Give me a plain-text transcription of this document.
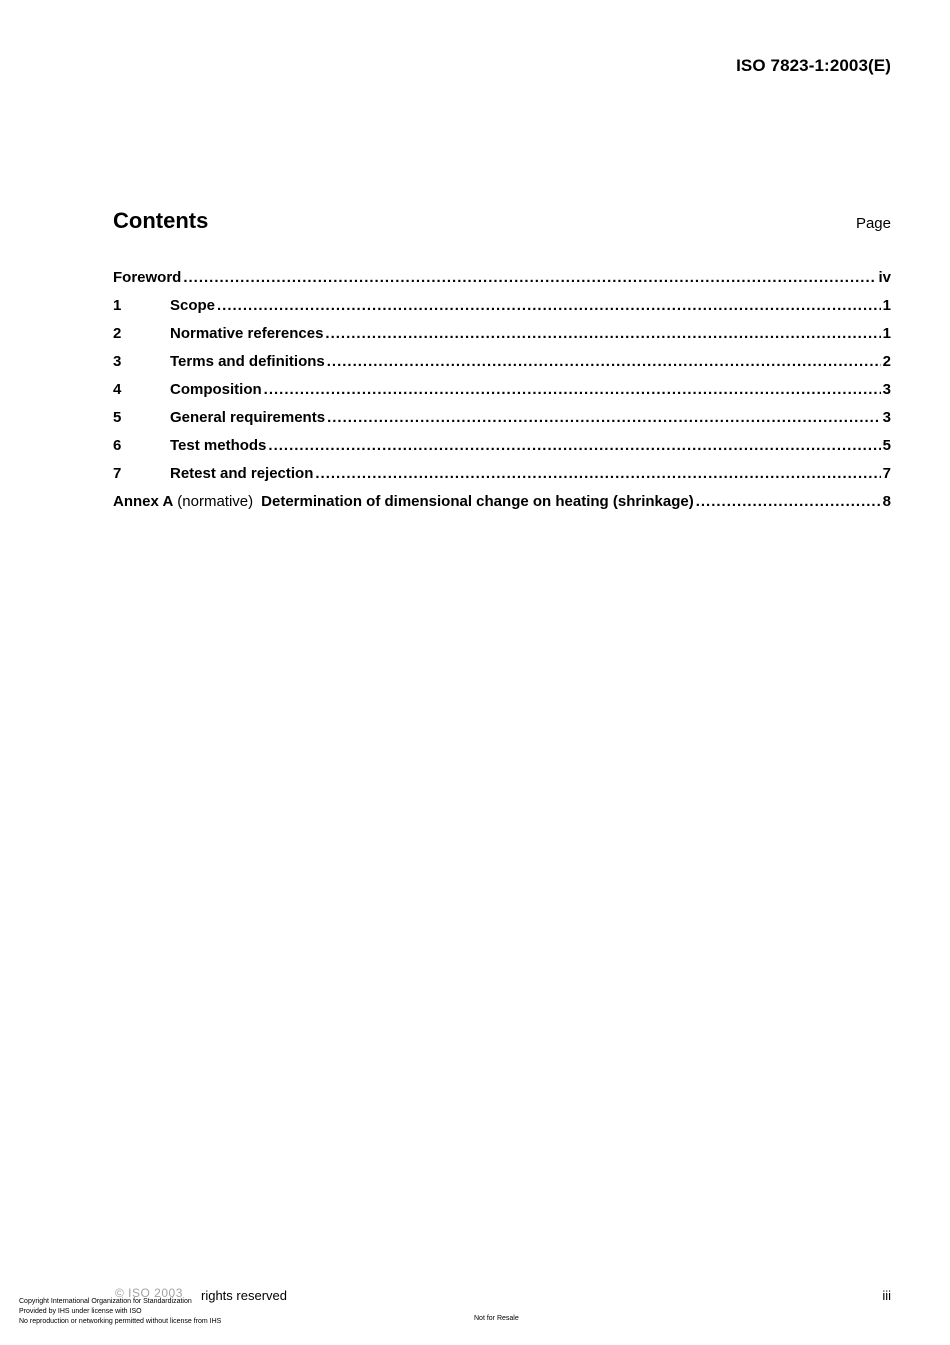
ISO 7823-1:2003(E)
Contents	Page
Foreword .....	iv
1	Scope .....	1
2	Normative references .....	1
3	Terms and definitions .....	2
4	Composition .....	3
5	General requirements .....	3
6	Test methods .....	5
7	Retest and rejection .....	7
Annex A (normative) Determination of dimensional change on heating (shrinkage) .....	8
© ISO 2003 rights reserved	iii
Copyright International Organization for Standardization
Provided by IHS under license with ISO
No reproduction or networking permitted without license from IHS	Not for Resale
